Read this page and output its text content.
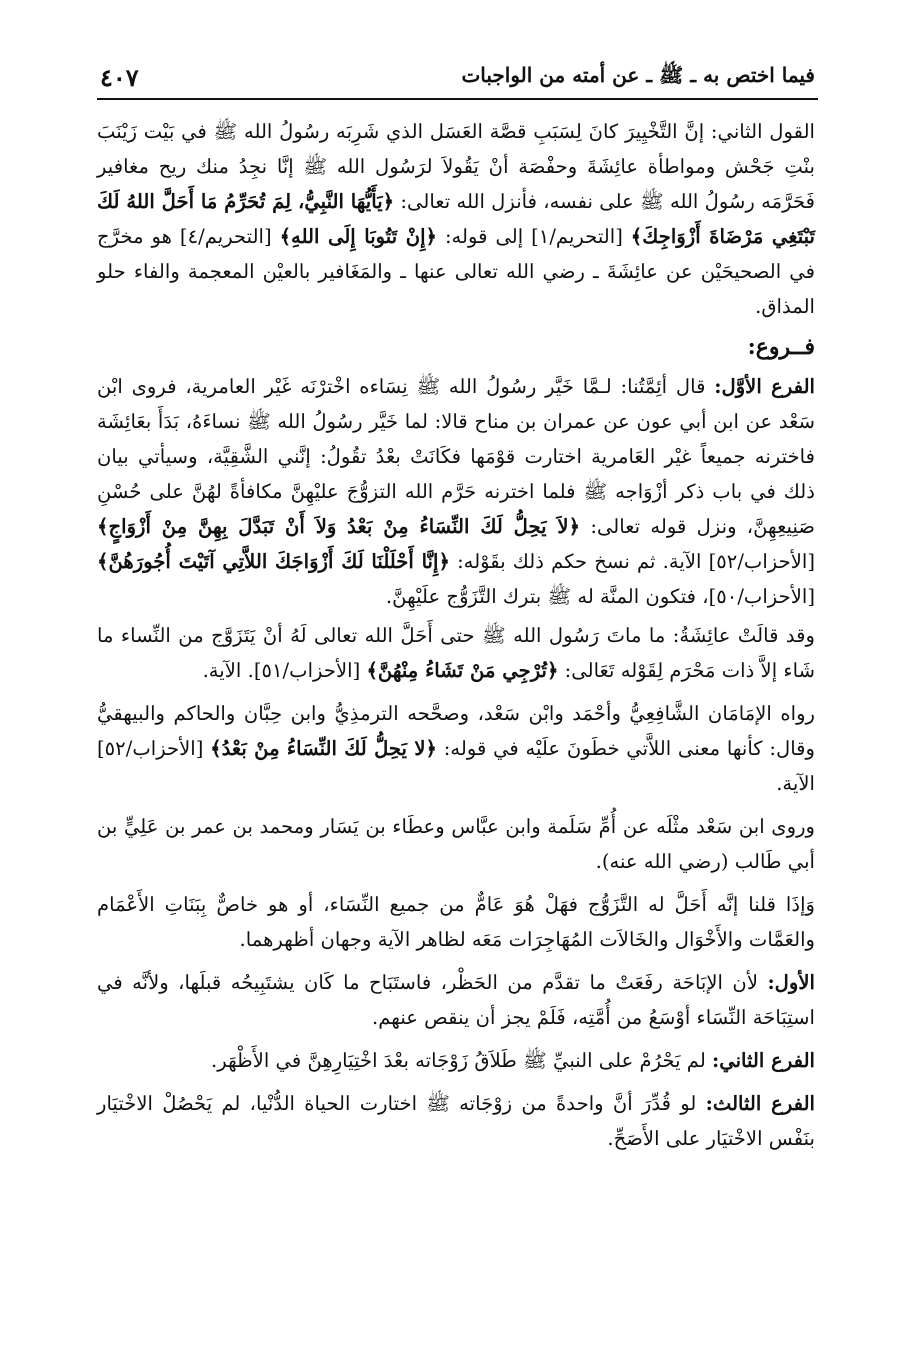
فيما اختص به ـ ﷺ ـ عن أمته من الواجبات
٤٠٧

القول الثاني: إنَّ التَّخْيِيرَ كانَ لِسَبَبِ قصَّة العَسَل الذي شَرِبَه رسُولُ الله ﷺ في بَيْت زَيْنَبَ بنْتِ جَحْش ومواطأة عائِشَةَ وحفْصَة أنْ يَقُولاَ لرَسُول الله ﷺ إنَّا نجِدُ منك ريح مغافير فَحَرَّمَه رسُولُ الله ﷺ على نفسه، فأنزل الله تعالى: ﴿يَأَيُّهَا النَّبِيُّ، لِمَ تُحَرِّمُ مَا أَحَلَّ اللهُ لَكَ تَبْتَغِي مَرْضَاةَ أَزْوَاجِكَ﴾ [التحريم/١] إلى قوله: ﴿إِنْ تَتُوبَا إِلَى اللهِ﴾ [التحريم/٤] هو مخرَّج في الصحيحَيْن عن عائِشَةَ ـ رضي الله تعالى عنها ـ والمَغَافير بالعيْن المعجمة والفاء حلو المذاق.

فــروع:

الفرع الأوَّل: قال أئِمَّتُنا: لـمَّا خَيَّر رسُولُ الله ﷺ نِسَاءه اخْترْنَه غَيْر العامرية، فروى ابْن سَعْد عن ابن أبي عون عن عمران بن مناح قالا: لما خَيَّر رسُولُ الله ﷺ نساءَهُ، بَدَأَ بعَائِشَة فاخترنه جميعاً غيْر العَامرية اختارت قوْمَها فكَانَتْ بعْدُ تقُولُ: إنَّني الشَّقِيَّة، وسيأتي بيان ذلك في باب ذكر أزْوَاجه ﷺ فلما اخترنه حَرَّم الله التزوُّجَ عليْهِنَّ مكافأةً لهُنَّ على حُسْنِ صَنِيعِهِنَّ، ونزل قوله تعالى: ﴿لاَ يَحِلُّ لَكَ النِّسَاءُ مِنْ بَعْدُ وَلاَ أَنْ تَبَدَّلَ بِهِنَّ مِنْ أَزْوَاجٍ﴾ [الأحزاب/٥٢] الآية. ثم نسخ حكم ذلك بقَوْله: ﴿إِنَّا أَحْلَلْنَا لَكَ أَزْوَاجَكَ اللاَّتِي آتَيْتَ أُجُورَهُنَّ﴾ [الأحزاب/٥٠]، فتكون المنَّة له ﷺ بترك التَّزَوُّج علَيْهِنَّ.

وقد قالَتْ عائِشَةُ: ما ماتَ رَسُول الله ﷺ حتى أَحَلَّ الله تعالى لَهُ أنْ يَتَزَوَّج من النِّساء ما شَاء إلاَّ ذات مَحْرَم لِقَوْله تَعَالى: ﴿تُرْجِي مَنْ تَشَاءُ مِنْهُنَّ﴾ [الأحزاب/٥١]. الآية.

رواه الإمَامَان الشَّافِعِيُّ وأحْمَد وابْن سَعْد، وصحَّحه الترمذِيُّ وابن حِبَّان والحاكم والبيهقيُّ وقال: كأنها معنى اللاَّتي خطَونَ علَيْه في قوله: ﴿لا يَحِلُّ لَكَ النِّسَاءُ مِنْ بَعْدُ﴾ [الأحزاب/٥٢] الآية.

وروى ابن سَعْد مثْلَه عن أُمِّ سَلَمة وابن عبَّاس وعطَاء بن يَسَار ومحمد بن عمر بن عَلِيٍّ بن أبي طَالب (رضي الله عنه).

وَإذَا قلنا إنَّه أَحَلَّ له التَّزَوُّج فهَلْ هُوَ عَامٌّ من جميع النِّسَاء، أو هو خاصٌّ بِبَنَاتِ الأَعْمَام والعَمَّات والأَخْوَال والخَالاَت المُهَاجِرَات مَعَه لظاهر الآية وجهان أظهرهما.

الأول: لأن الإبَاحَة رفَعَتْ ما تقدَّم من الحَظْر، فاستَبَاح ما كَان يشتَبِيحُه قبلَها، ولأنَّه في استِبَاحَة النِّسَاء أوْسَعُ من أُمَّتِه، فَلَمْ يجز أن ينقص عنهم.

الفرع الثاني: لم يَحْرُمْ على النبيِّ ﷺ طَلاَقُ زَوْجَاته بعْدَ اخْتِيَارِهِنَّ في الأَظْهَر.

الفرع الثالث: لو قُدِّرَ أنَّ واحدةً من زوْجَاته ﷺ اختارت الحياة الدُّنْيا، لم يَحْصُلْ الاخْتيَار بنَفْس الاخْتيَار على الأَصَحِّ.
